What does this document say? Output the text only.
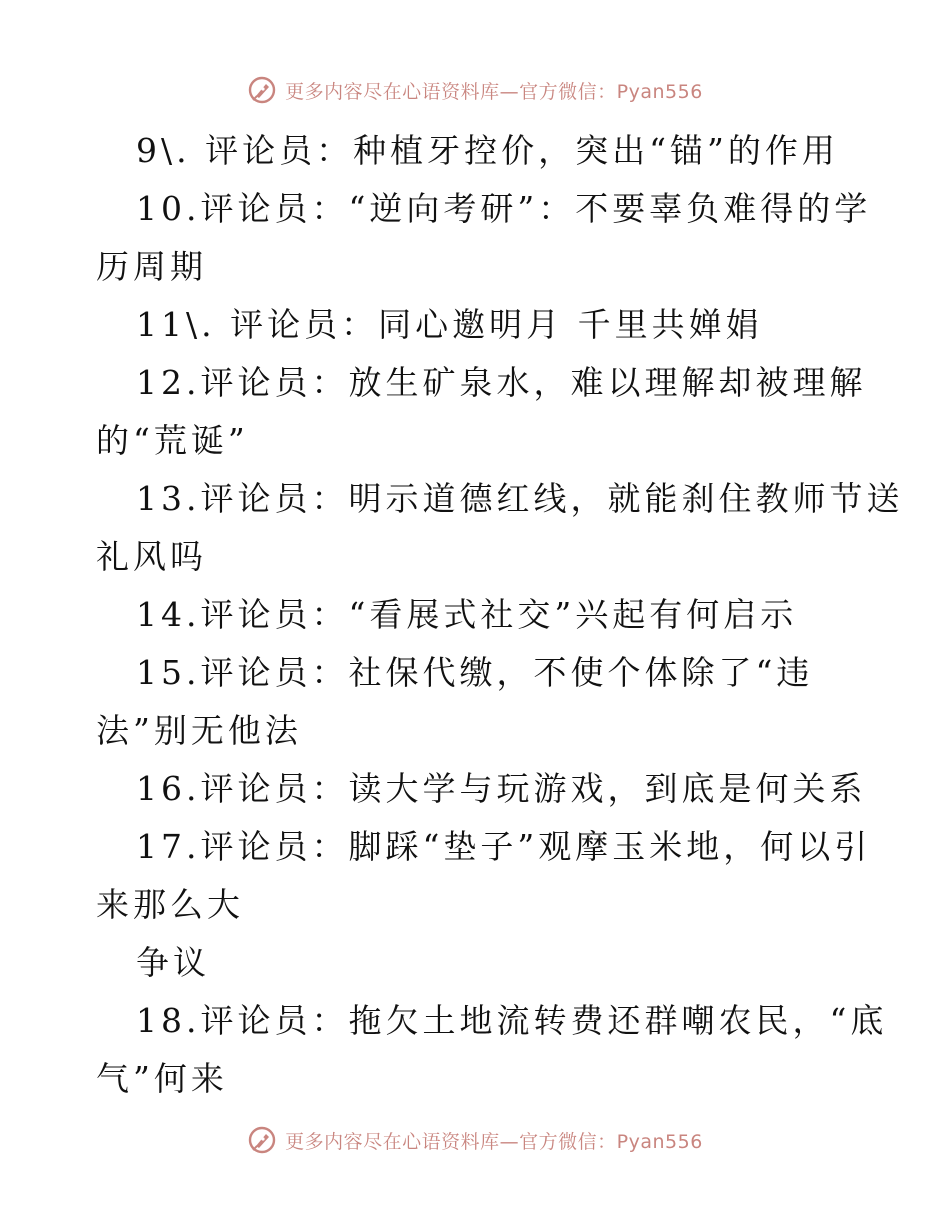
更多内容尽在心语资料库—官方微信：Pyan556
9\. 评论员：种植牙控价，突出“锚”的作用
10.评论员：“逆向考研”：不要辜负难得的学
历周期
11\. 评论员：同心邀明月 千里共婵娟
12.评论员：放生矿泉水，难以理解却被理解
的“荒诞”
13.评论员：明示道德红线，就能刹住教师节送
礼风吗
14.评论员：“看展式社交”兴起有何启示
15.评论员：社保代缴，不使个体除了“违
法”别无他法
16.评论员：读大学与玩游戏，到底是何关系
17.评论员：脚踩“垫子”观摩玉米地，何以引
来那么大
争议
18.评论员：拖欠土地流转费还群嘲农民，“底
气”何来
更多内容尽在心语资料库—官方微信：Pyan556
